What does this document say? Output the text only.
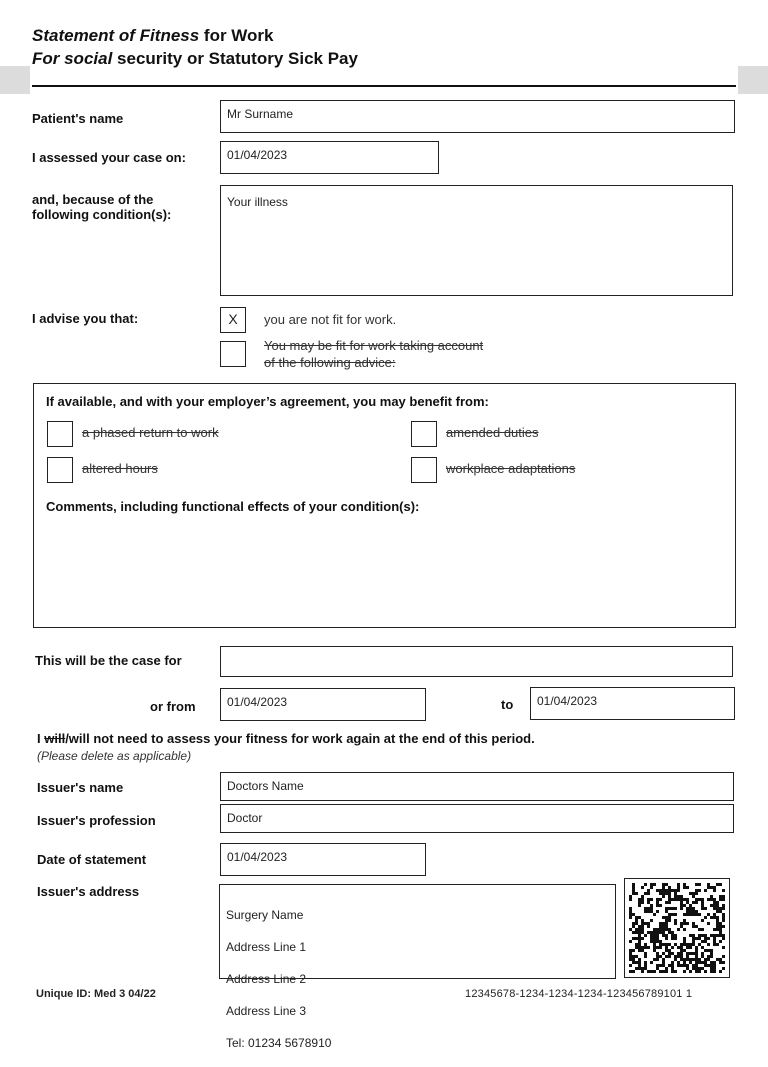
Statement of Fitness for Work
For social security or Statutory Sick Pay
Patient's name	Mr Surname
I assessed your case on:	01/04/2023
and, because of the following condition(s):
Your illness
I advise you that:	X	you are not fit for work.
You may be fit for work taking account
of the following advice:
If available, and with your employer’s agreement, you may benefit from:
a phased return to work	amended duties
altered hours	workplace adaptations
Comments, including functional effects of your condition(s):
This will be the case for
or from	01/04/2023	to	01/04/2023
I will/will not need to assess your fitness for work again at the end of this period.
(Please delete as applicable)
Issuer's name	Doctors Name
Issuer's profession	Doctor
Date of statement	01/04/2023
Issuer's address

Surgery Name

Address Line 1

Address Line 2

Address Line 3

Tel: 01234 5678910

Unique ID: Med 3 04/22	12345678-1234-1234-1234-123456789101 1
